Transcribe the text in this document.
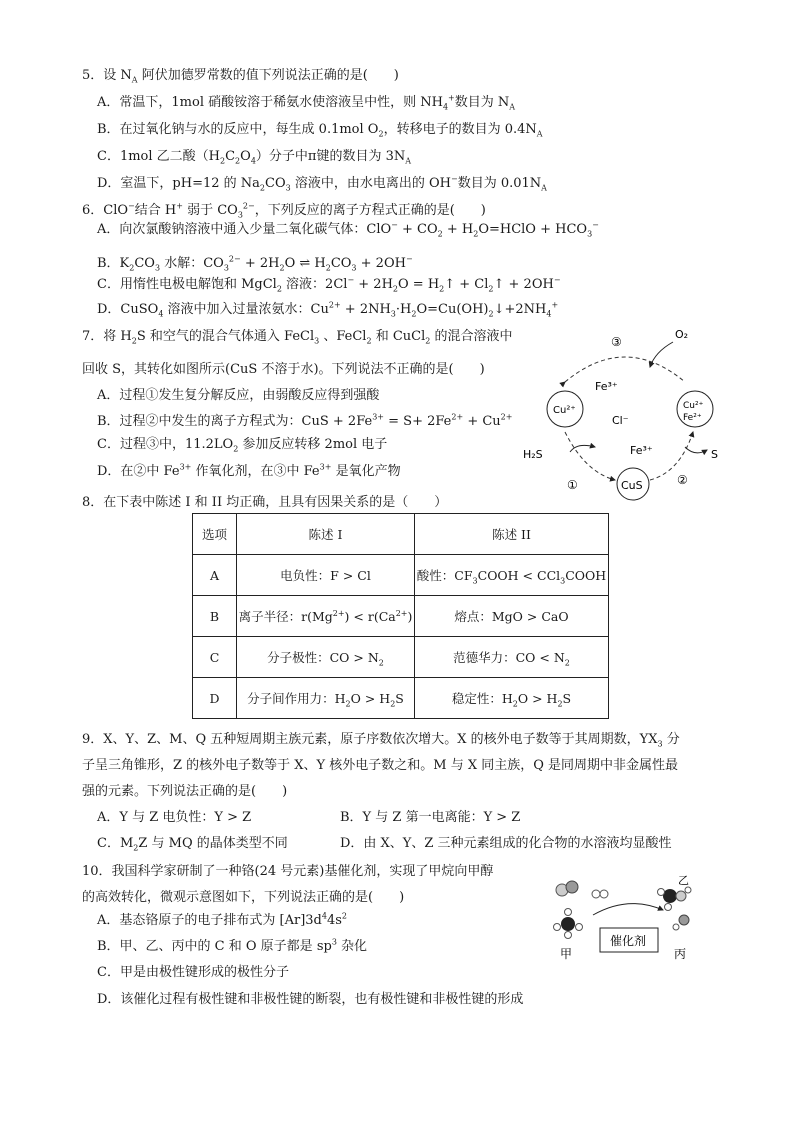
5．设 $N_A$ 阿伏加德罗常数的值下列说法正确的是(　　)
A．常温下，1mol 硝酸铵溶于稀氨水使溶液呈中性，则 $NH_4^+$数目为 $N_A$
B．在过氧化钠与水的反应中，每生成 0.1mol $O_2$，转移电子的数目为 $0.4N_A$
C．1mol 乙二酸$(H_2C_2O_4)$分子中π键的数目为 $3N_A$
D．室温下，pH=12 的 $Na_2CO_3$ 溶液中，由水电离出的 OH−数目为 $0.01N_A$
6．ClO−结合 H+ 弱于 $CO_3^{2-}$，下列反应的离子方程式正确的是(　　)
A．向次氯酸钠溶液中通入少量二氧化碳气体：$ClO^- + CO_2$ + $H_2O=HClO + HCO_3^-$
B．$K_2CO_3$ 水解：$CO_3^{2-} + 2H_2O$ ⇌ $H_2CO_3 + 2OH^-$
C．用惰性电极电解饱和 MgCl$_2$ 溶液：$2Cl^- + 2H_2O$ = $H_2↑$ + $Cl_2↑ + 2OH^-$
D．CuSO$_4$ 溶液中加入过量浓氨水：$Cu^{2+}$ + $2NH_3\cdot H_2O=Cu(OH)_2↓+2NH_4^+$
7．将 $H_2S$ 和空气的混合气体通入 FeCl$_3$ 、FeCl$_2$ 和 CuCl$_2$ 的混合溶液中
回收 S，其转化如图所示(CuS 不溶于水)。下列说法不正确的是(　　)
A．过程①发生复分解反应，由弱酸反应得到强酸
B．过程②中发生的离子方程式为：CuS + $2Fe^{3+} = S+ 2Fe^{2+} + Cu^{2+}$
C．过程③中，$11.2LO_2$ 参加反应转移 2mol 电子
D．在②中 $Fe^{3+}$ 作氧化剂，在③中 $Fe^{3+}$ 是氧化产物
O₂
③
Fe³⁺
Cu²⁺
Cl⁻
Cu²⁺
Fe²⁺
Fe³⁺
H₂S	S
CuS
①	②
8．在下表中陈述 I 和 II 均正确，且具有因果关系的是（　　）
选项	陈述 I	陈述 II
A	电负性：F > Cl	酸性：$CF_3COOH$ < CCl$_3$COOH
B	离子半径：$r(Mg^{2+}) < r(Ca^{2+})$	熔点：MgO > CaO
C	分子极性：CO > $N_2$	范德华力：CO < $N_2$
D	分子间作用力：$H_2O > H_2S$	稳定性：$H_2O > H_2S$
9．X、Y、Z、M、Q 五种短周期主族元素，原子序数依次增大。X 的核外电子数等于其周期数，$YX_3$ 分
子呈三角锥形，Z 的核外电子数等于 X、Y 核外电子数之和。M 与 X 同主族，Q 是同周期中非金属性最
强的元素。下列说法正确的是(　　)
A．Y 与 Z 电负性：Y > Z	B．Y 与 Z 第一电离能：Y > Z
C．$M_2Z$ 与 MQ 的晶体类型不同	D．由 X、Y、Z 三种元素组成的化合物的水溶液均显酸性
10．我国科学家研制了一种铬(24 号元素)基催化剂，实现了甲烷向甲醇
的高效转化，微观示意图如下，下列说法正确的是(　　)
A．基态铬原子的电子排布式为 $[Ar]3d^44s^2$
B．甲、乙、丙中的 C 和 O 原子都是 $sp^3$ 杂化
C．甲是由极性键形成的极性分子
D．该催化过程有极性键和非极性键的断裂，也有极性键和非极性键的形成
甲
催化剂
乙
丙
